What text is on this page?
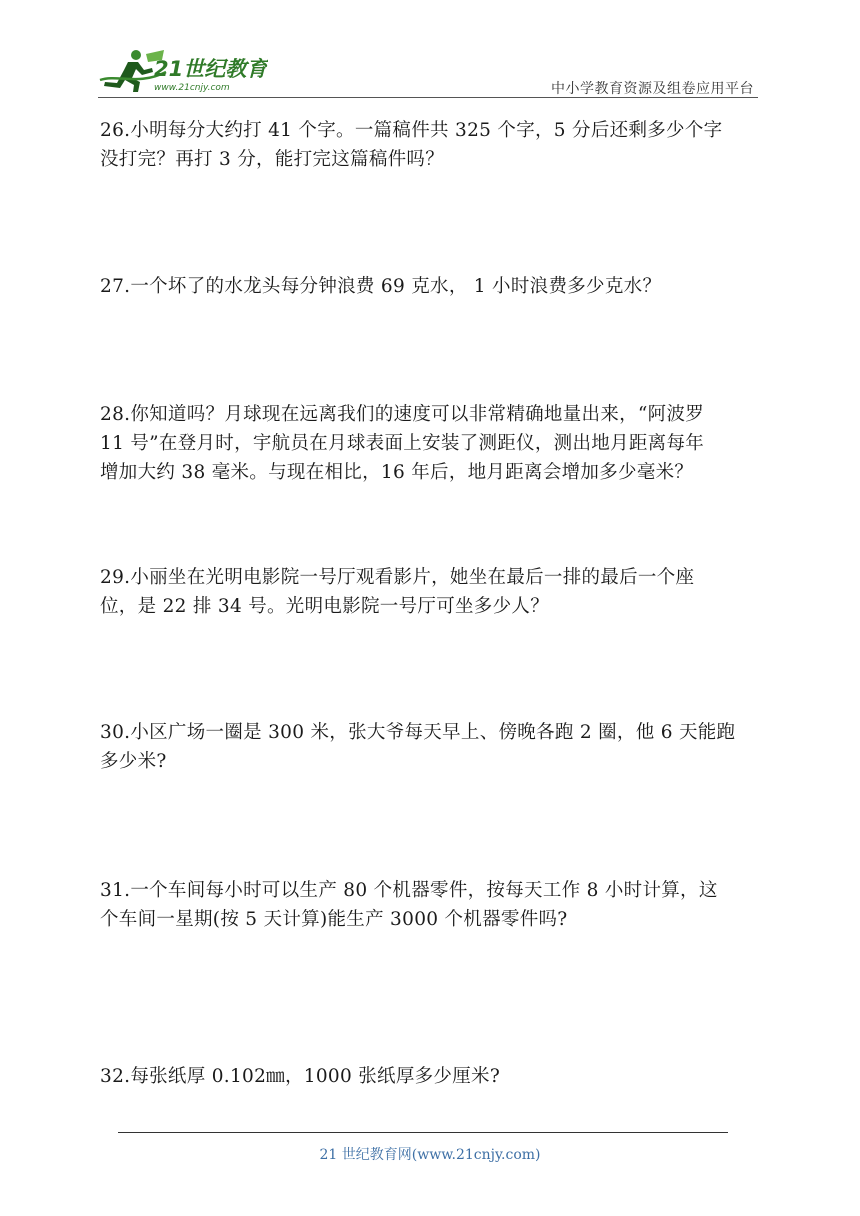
21世纪教育
www.21cnjy.com	中小学教育资源及组卷应用平台
26.小明每分大约打 41 个字。一篇稿件共 325 个字，5 分后还剩多少个字
没打完？再打 3 分，能打完这篇稿件吗？
27.一个坏了的水龙头每分钟浪费 69 克水， 1 小时浪费多少克水？
28.你知道吗？月球现在远离我们的速度可以非常精确地量出来，“阿波罗
11 号”在登月时，宇航员在月球表面上安装了测距仪，测出地月距离每年
增加大约 38 毫米。与现在相比，16 年后，地月距离会增加多少毫米？
29.小丽坐在光明电影院一号厅观看影片，她坐在最后一排的最后一个座
位，是 22 排 34 号。光明电影院一号厅可坐多少人？
30.小区广场一圈是 300 米，张大爷每天早上、傍晚各跑 2 圈，他 6 天能跑
多少米?
31.一个车间每小时可以生产 80 个机器零件，按每天工作 8 小时计算，这
个车间一星期(按 5 天计算)能生产 3000 个机器零件吗?
32.每张纸厚 0.102㎜，1000 张纸厚多少厘米?
21 世纪教育网(www.21cnjy.com)
